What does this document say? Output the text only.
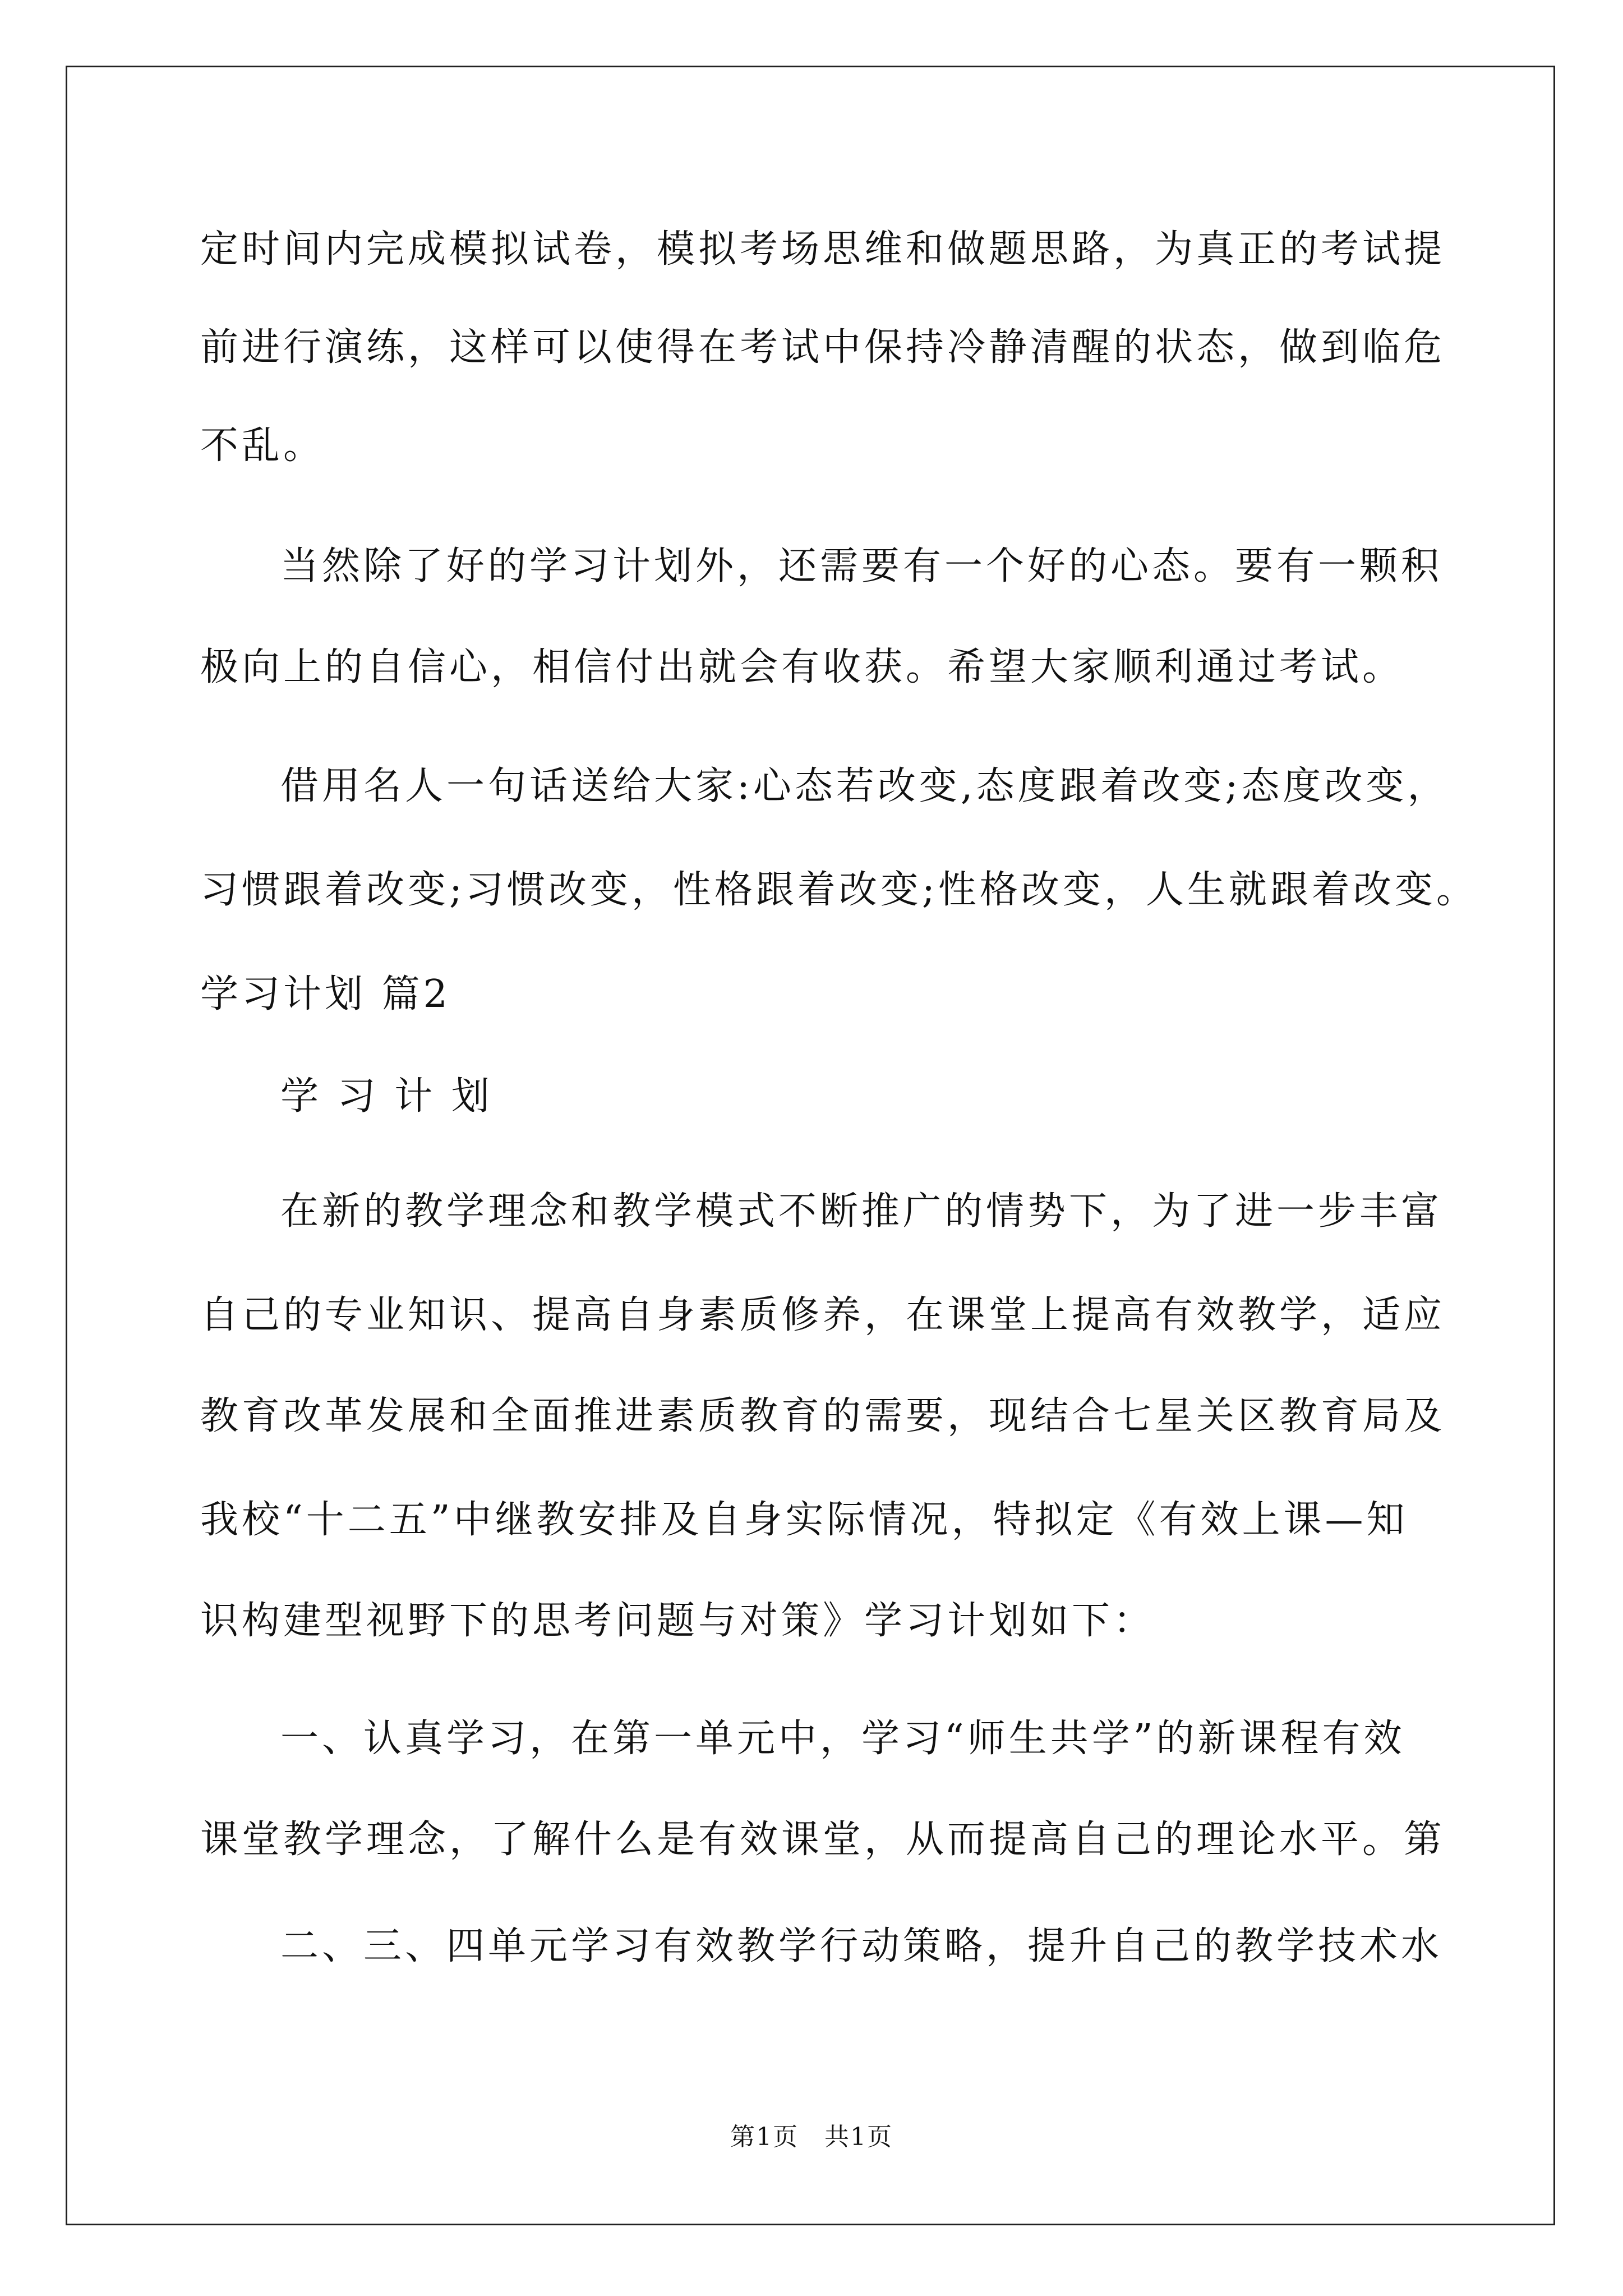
定时间内完成模拟试卷，模拟考场思维和做题思路，为真正的考试提
前进行演练，这样可以使得在考试中保持冷静清醒的状态，做到临危
不乱。
当然除了好的学习计划外，还需要有一个好的心态。要有一颗积
极向上的自信心，相信付出就会有收获。希望大家顺利通过考试。
借用名人一句话送给大家:心态若改变,态度跟着改变;态度改变，
习惯跟着改变;习惯改变，性格跟着改变;性格改变，人生就跟着改变。
学习计划 篇2
学 习 计 划
在新的教学理念和教学模式不断推广的情势下，为了进一步丰富
自己的专业知识、提高自身素质修养，在课堂上提高有效教学，适应
教育改革发展和全面推进素质教育的需要，现结合七星关区教育局及
我校“十二五”中继教安排及自身实际情况，特拟定《有效上课—知
识构建型视野下的思考问题与对策》学习计划如下：
一、认真学习，在第一单元中，学习“师生共学”的新课程有效
课堂教学理念，了解什么是有效课堂，从而提高自己的理论水平。第
二、三、四单元学习有效教学行动策略，提升自己的教学技术水
第1页　共1页
